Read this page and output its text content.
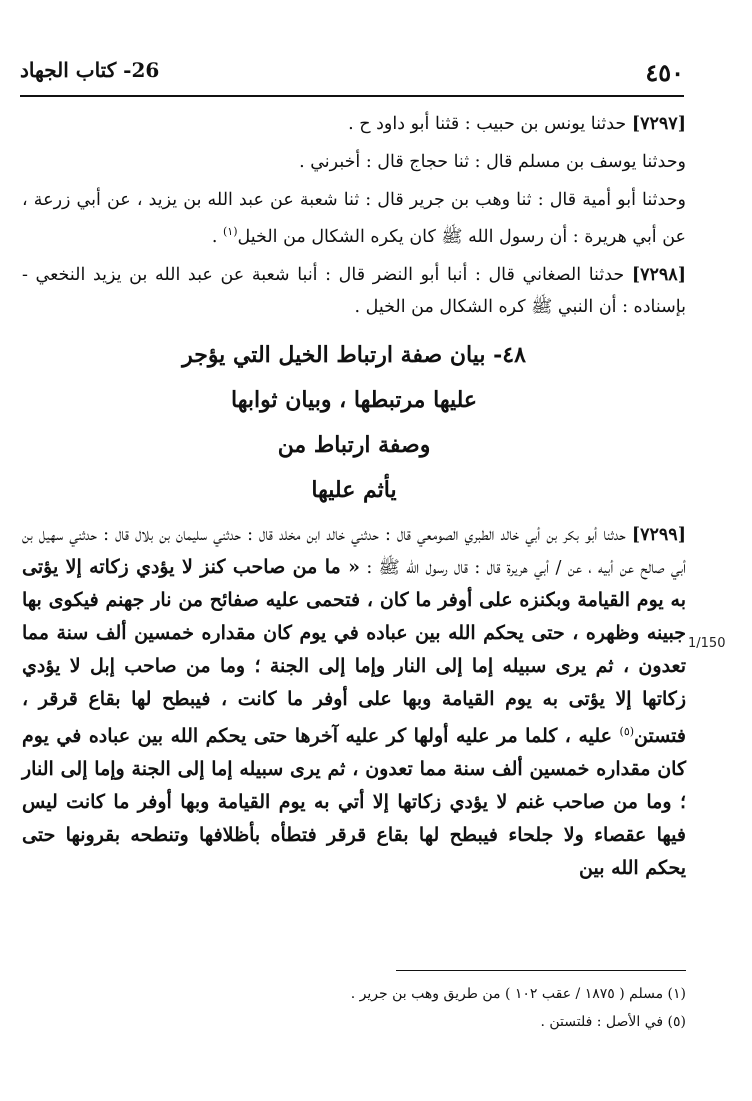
٤٥٠
26- كتاب الجهاد

[٧٢٩٧] حدثنا يونس بن حبيب : قثنا أبو داود ح .

وحدثنا يوسف بن مسلم قال : ثنا حجاج قال : أخبرني .

وحدثنا أبو أمية قال : ثنا وهب بن جرير قال : ثنا شعبة عن عبد الله بن يزيد ، عن أبي زرعة ، عن أبي هريرة : أن رسول الله ﷺ كان يكره الشكال من الخيل$^{(١)}$ .

[٧٢٩٨] حدثنا الصغاني قال : أنبا أبو النضر قال : أنبا شعبة عن عبد الله بن يزيد النخعي - بإسناده : أن النبي ﷺ كره الشكال من الخيل .

٤٨- بيان صفة ارتباط الخيل التي يؤجر
عليها مرتبطها ، وبيان ثوابها
وصفة ارتباط من
يأثم عليها
[٧٢٩٩] حدثنا أبو بكر بن أبي خالد الطبري الصومعي قال : حدثني خالد ابن مخلد قال : حدثني سليمان بن بلال قال : حدثني سهيل بن أبي صالح عن أبيه ، عن / أبي هريرة قال : قال رسول الله ﷺ : « ما من صاحب كنز لا يؤدي زكاته إلا يؤتى به يوم القيامة وبكنزه على أوفر ما كان ، فتحمى عليه صفائح من نار جهنم فيكوى بها جبينه وظهره ، حتى يحكم الله بين عباده في يوم كان مقداره خمسين ألف سنة مما تعدون ، ثم يرى سبيله إما إلى النار وإما إلى الجنة ؛ وما من صاحب إبل لا يؤدي زكاتها إلا يؤتى به يوم القيامة وبها على أوفر ما كانت ، فيبطح لها بقاع قرقر ، فتستن$^{(٥)}$ عليه ، كلما مر عليه أولها كر عليه آخرها حتى يحكم الله بين عباده في يوم كان مقداره خمسين ألف سنة مما تعدون ، ثم يرى سبيله إما إلى الجنة وإما إلى النار ؛ وما من صاحب غنم لا يؤدي زكاتها إلا أتي به يوم القيامة وبها أوفر ما كانت ليس فيها عقصاء ولا جلحاء فيبطح لها بقاع قرقر فتطأه بأظلافها وتنطحه بقرونها حتى يحكم الله بين
1/150
(١) مسلم ( ١٨٧٥ / عقب ١٠٢ ) من طريق وهب بن جرير .
(٥) في الأصل : فلتستن .
